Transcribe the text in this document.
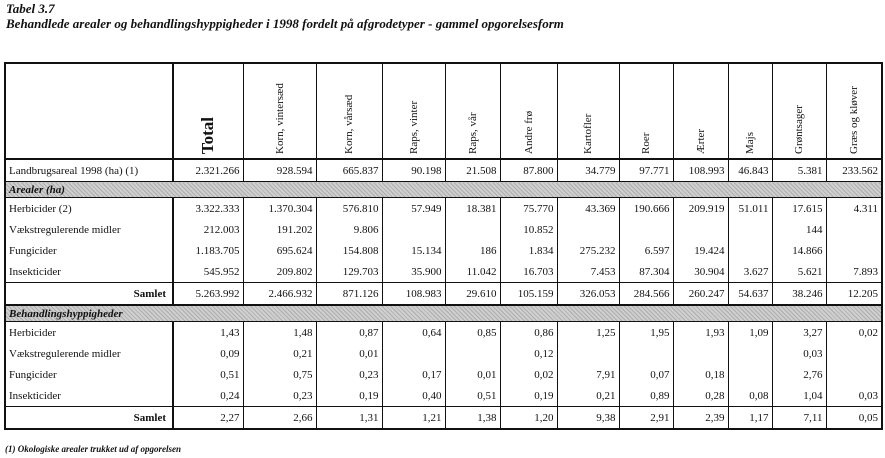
Tabel 3.7
Behandlede arealer og behandlingshyppigheder i 1998 fordelt på afgrodetyper - gammel opgorelsesform

	Total	Korn, vintersæd	Korn, vårsæd	Raps, vinter	Raps, vår	Andre frø	Kartofler	Roer	Ærter	Majs	Grøntsager	Græs og kløver

Landbrugsareal 1998 (ha) (1)	2.321.266	928.594	665.837	90.198	21.508	87.800	34.779	97.771	108.993	46.843	5.381	233.562
Arealer (ha)												
Herbicider (2)	3.322.333	1.370.304	576.810	57.949	18.381	75.770	43.369	190.666	209.919	51.011	17.615	4.311
Vækstregulerende midler	212.003	191.202	9.806			10.852					144	
Fungicider	1.183.705	695.624	154.808	15.134	186	1.834	275.232	6.597	19.424		14.866	
Insekticider	545.952	209.802	129.703	35.900	11.042	16.703	7.453	87.304	30.904	3.627	5.621	7.893
Samlet	5.263.992	2.466.932	871.126	108.983	29.610	105.159	326.053	284.566	260.247	54.637	38.246	12.205
Behandlingshyppigheder												
Herbicider	1,43	1,48	0,87	0,64	0,85	0,86	1,25	1,95	1,93	1,09	3,27	0,02
Vækstregulerende midler	0,09	0,21	0,01			0,12					0,03	
Fungicider	0,51	0,75	0,23	0,17	0,01	0,02	7,91	0,07	0,18		2,76	
Insekticider	0,24	0,23	0,19	0,40	0,51	0,19	0,21	0,89	0,28	0,08	1,04	0,03
Samlet	2,27	2,66	1,31	1,21	1,38	1,20	9,38	2,91	2,39	1,17	7,11	0,05
(1) Okologiske arealer trukket ud af opgorelsen
